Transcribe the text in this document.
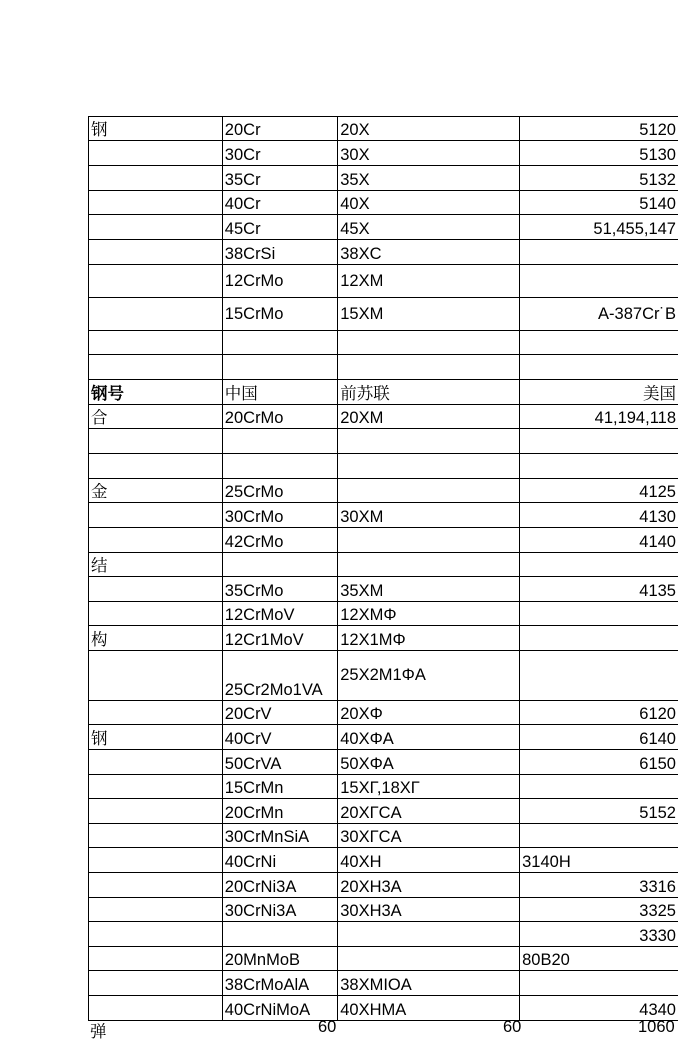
钢	20Cr	20X	5120
	30Cr	30X	5130
	35Cr	35X	5132
	40Cr	40X	5140
	45Cr	45X	51,455,147
	38CrSi	38XC	
	12CrMo	12XM	
	15CrMo	15XM	A-387Cr˙B

钢号	中国	前苏联	美国
合	20CrMo	20XM	41,194,118

金	25CrMo		4125
	30CrMo	30XM	4130
	42CrMo		4140
结			
	35CrMo	35XM	4135
	12CrMoV	12XMΦ	
构	12Cr1MoV	12X1MΦ	
	25Cr2Mo1VA	25X2M1ΦA	
	20CrV	20XΦ	6120
钢	40CrV	40XΦA	6140
	50CrVA	50XΦA	6150
	15CrMn	15XΓ,18XΓ	
	20CrMn	20XΓCA	5152
	30CrMnSiA	30XΓCA	
	40CrNi	40XH	3140H
	20CrNi3A	20XH3A	3316
	30CrNi3A	30XH3A	3325
			3330
	20MnMoB		80B20
	38CrMoAlA	38XMIOA	
	40CrNiMoA	40XHMA	4340
弹	60	60	1060
